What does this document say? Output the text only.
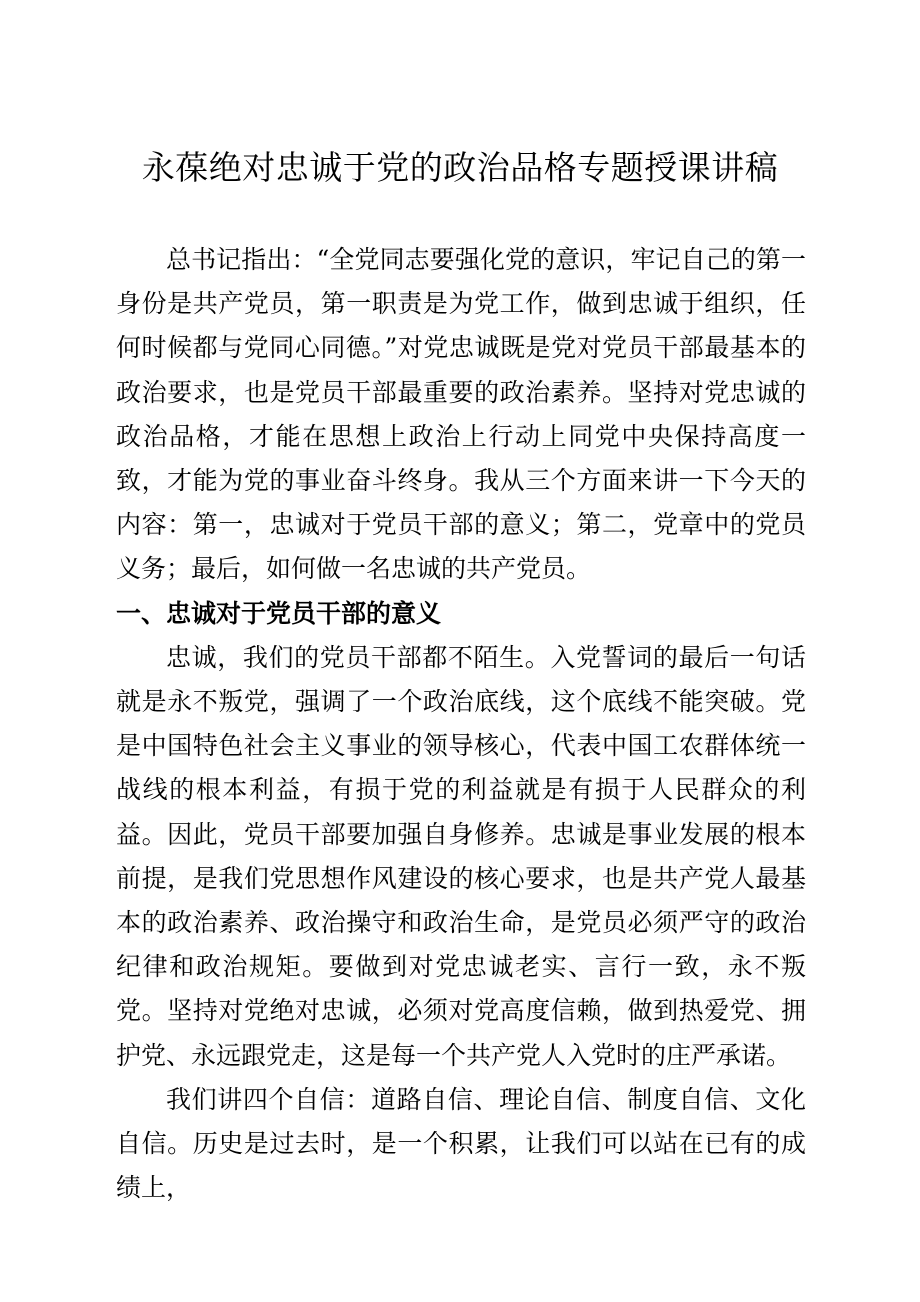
永葆绝对忠诚于党的政治品格专题授课讲稿

总书记指出：“全党同志要强化党的意识，牢记自己的第一身份是共产党员，第一职责是为党工作，做到忠诚于组织，任何时候都与党同心同德。”对党忠诚既是党对党员干部最基本的政治要求，也是党员干部最重要的政治素养。坚持对党忠诚的政治品格，才能在思想上政治上行动上同党中央保持高度一致，才能为党的事业奋斗终身。我从三个方面来讲一下今天的内容：第一，忠诚对于党员干部的意义；第二，党章中的党员义务；最后，如何做一名忠诚的共产党员。

一、忠诚对于党员干部的意义

忠诚，我们的党员干部都不陌生。入党誓词的最后一句话就是永不叛党，强调了一个政治底线，这个底线不能突破。党是中国特色社会主义事业的领导核心，代表中国工农群体统一战线的根本利益，有损于党的利益就是有损于人民群众的利益。因此，党员干部要加强自身修养。忠诚是事业发展的根本前提，是我们党思想作风建设的核心要求，也是共产党人最基本的政治素养、政治操守和政治生命，是党员必须严守的政治纪律和政治规矩。要做到对党忠诚老实、言行一致，永不叛党。坚持对党绝对忠诚，必须对党高度信赖，做到热爱党、拥护党、永远跟党走，这是每一个共产党人入党时的庄严承诺。

我们讲四个自信：道路自信、理论自信、制度自信、文化自信。历史是过去时，是一个积累，让我们可以站在已有的成绩上，
